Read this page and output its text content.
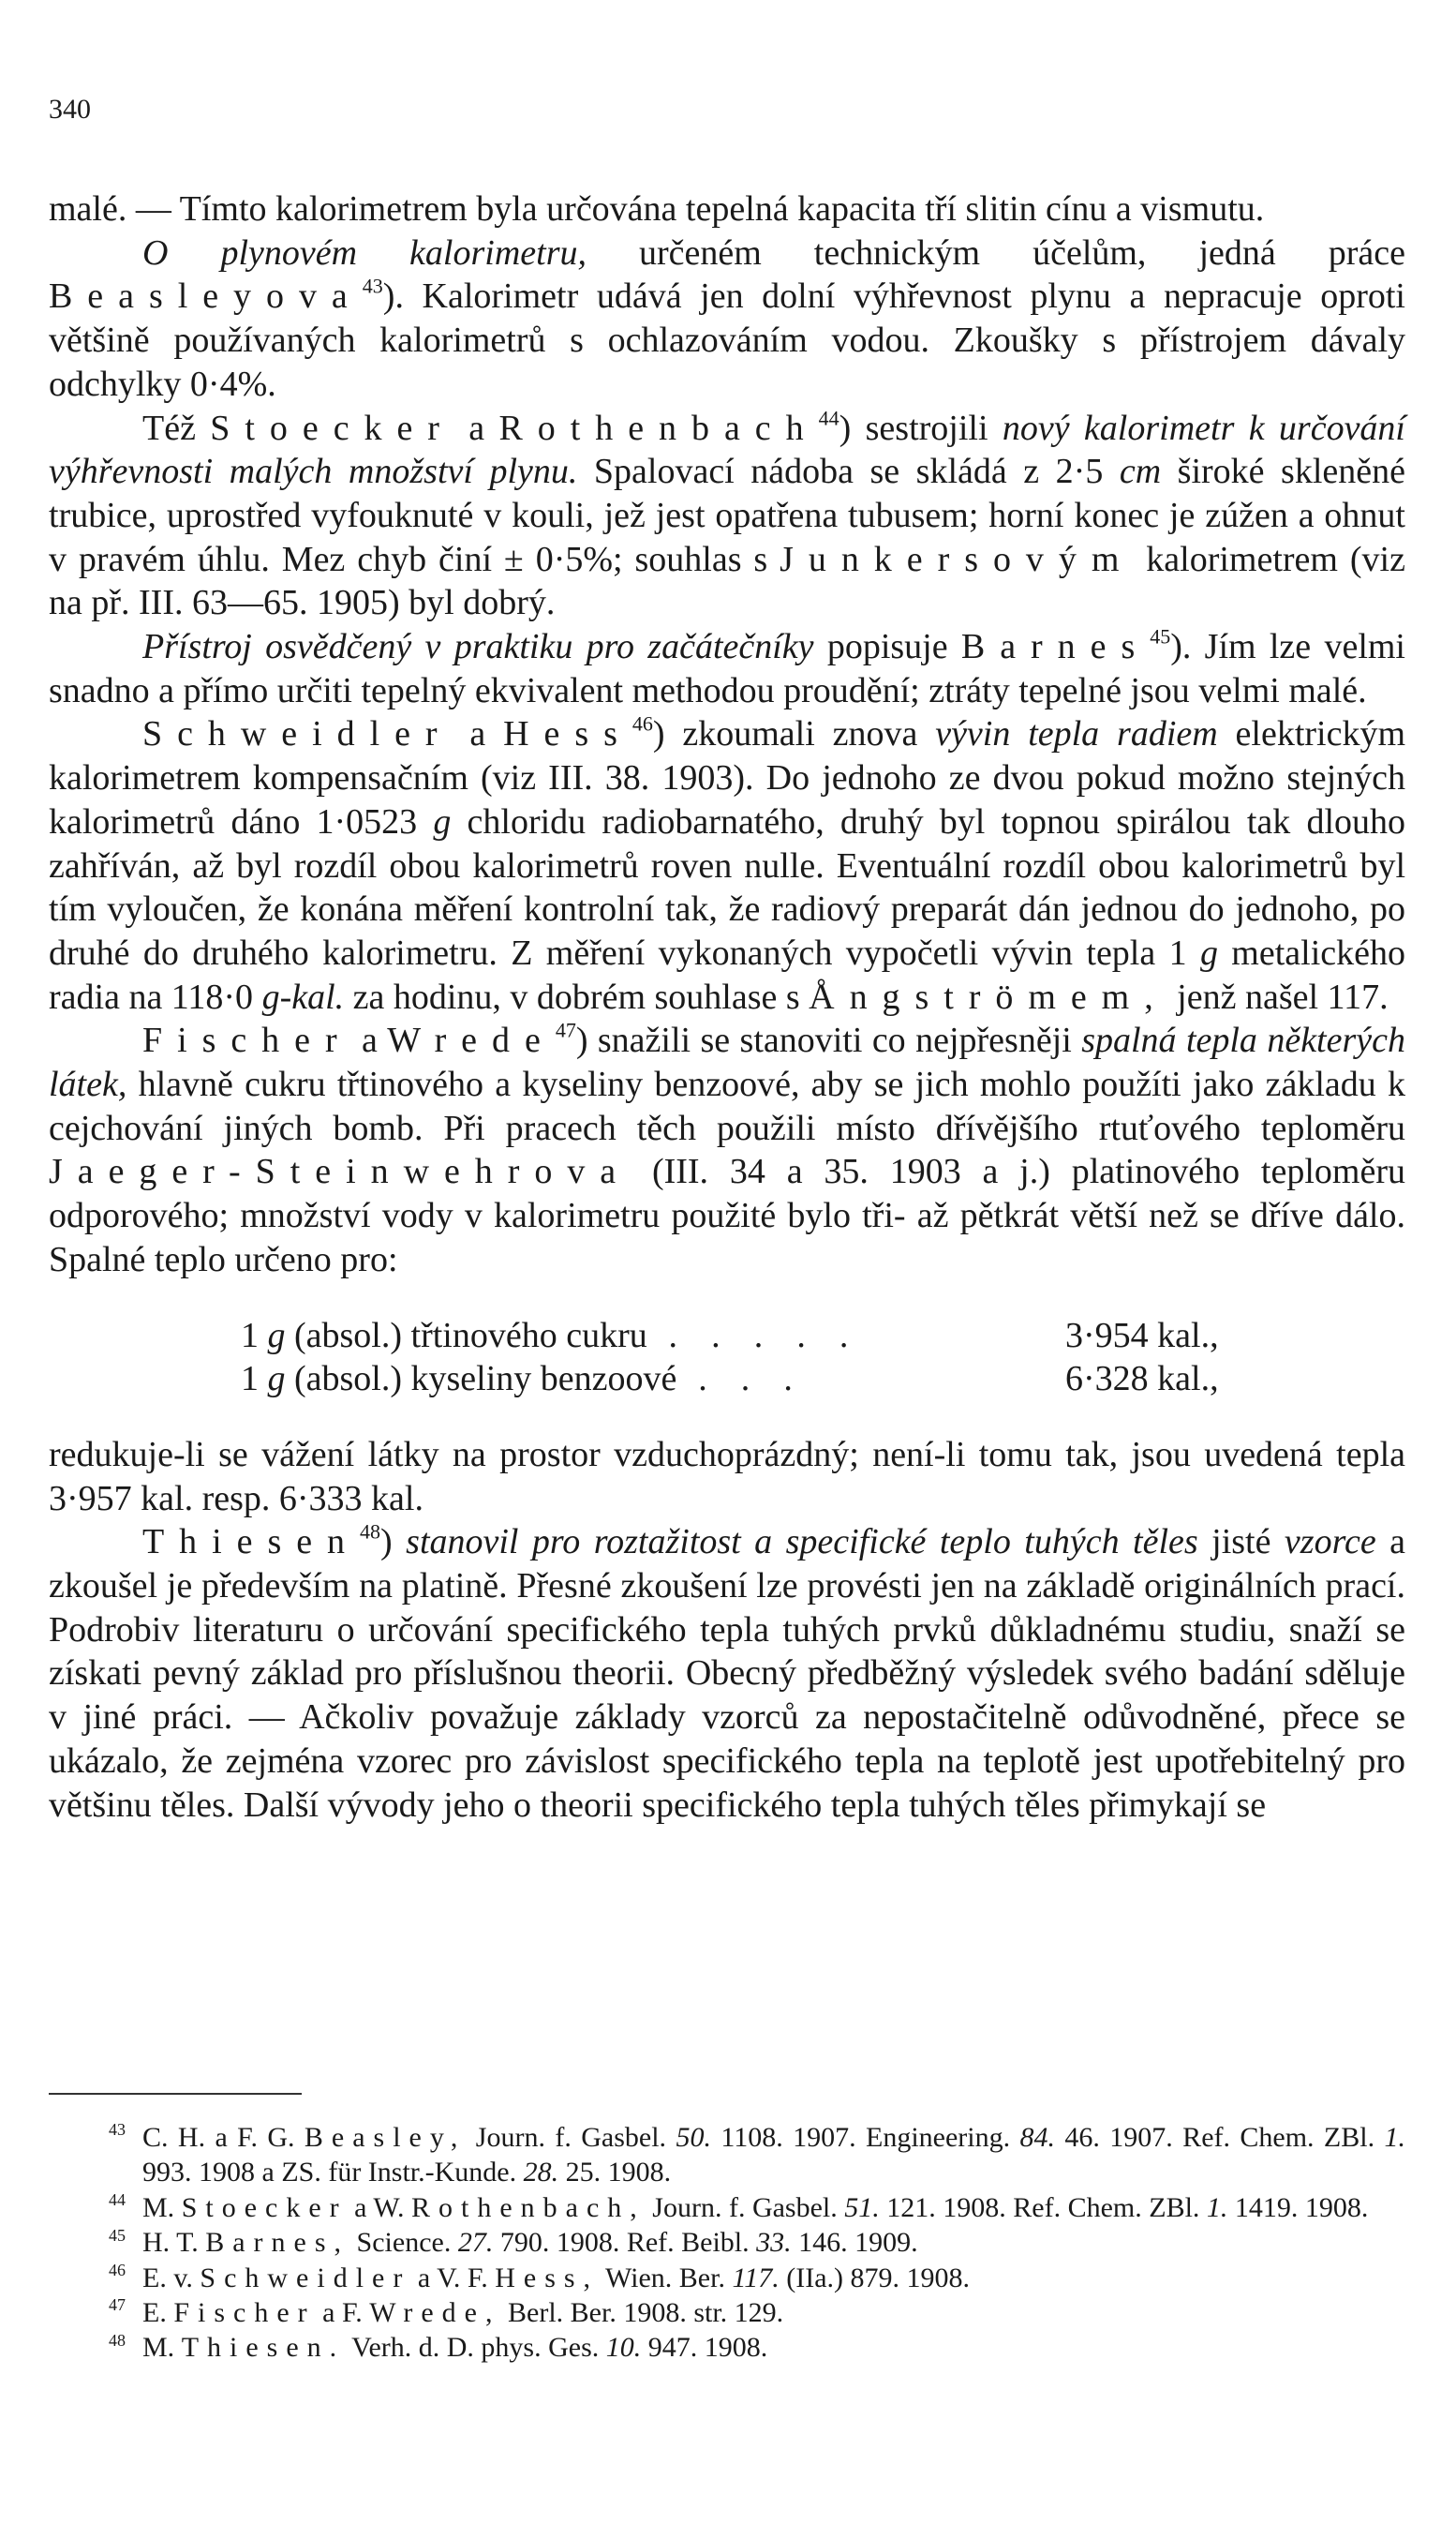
340

malé. — Tímto kalorimetrem byla určována tepelná kapacita tří slitin cínu a vismutu.

O plynovém kalorimetru, určeném technickým účelům, jedná práce Beasleyova$^{43}$). Kalorimetr udává jen dolní výhřevnost plynu a nepracuje oproti většině používaných kalorimetrů s ochlazováním vodou. Zkoušky s přístrojem dávaly odchylky 0·4%.

Též Stoecker a Rothenbach$^{44}$) sestrojili nový kalorimetr k určování výhřevnosti malých množství plynu. Spalovací nádoba se skládá z 2·5 cm široké skleněné trubice, uprostřed vyfouknuté v kouli, jež jest opatřena tubusem; horní konec je zúžen a ohnut v pravém úhlu. Mez chyb činí ± 0·5%; souhlas s Junkersovým kalorimetrem (viz na př. III. 63—65. 1905) byl dobrý.

Přístroj osvědčený v praktiku pro začátečníky popisuje Barnes$^{45}$). Jím lze velmi snadno a přímo určiti tepelný ekvivalent methodou proudění; ztráty tepelné jsou velmi malé.

Schweidler a Hess$^{46}$) zkoumali znova vývin tepla radiem elektrickým kalorimetrem kompensačním (viz III. 38. 1903). Do jednoho ze dvou pokud možno stejných kalorimetrů dáno 1·0523 g chloridu radiobarnatého, druhý byl topnou spirálou tak dlouho zahříván, až byl rozdíl obou kalorimetrů roven nulle. Eventuální rozdíl obou kalorimetrů byl tím vyloučen, že konána měření kontrolní tak, že radiový preparát dán jednou do jednoho, po druhé do druhého kalorimetru. Z měření vykonaných vypočetli vývin tepla 1 g metalického radia na 118·0 g-kal. za hodinu, v dobrém souhlase s Ångströmem, jenž našel 117.

Fischer a Wrede$^{47}$) snažili se stanoviti co nejpřesněji spalná tepla některých látek, hlavně cukru třtinového a kyseliny benzoové, aby se jich mohlo použíti jako základu k cejchování jiných bomb. Při pracech těch použili místo dřívějšího rtuťového teploměru Jaeger-Steinwehrova (III. 34 a 35. 1903 a j.) platinového teploměru odporového; množství vody v kalorimetru použité bylo tři- až pětkrát větší než se dříve dálo. Spalné teplo určeno pro:

1 g (absol.) třtinového cukru . . . . .	3·954 kal.,
1 g (absol.) kyseliny benzoové . . .	6·328 kal.,

redukuje-li se vážení látky na prostor vzduchoprázdný; není-li tomu tak, jsou uvedená tepla 3·957 kal. resp. 6·333 kal.

Thiesen$^{48}$) stanovil pro roztažitost a specifické teplo tuhých těles jisté vzorce a zkoušel je především na platině. Přesné zkoušení lze provésti jen na základě originálních prací. Podrobiv literaturu o určování specifického tepla tuhých prvků důkladnému studiu, snaží se získati pevný základ pro příslušnou theorii. Obecný předběžný výsledek svého badání sděluje v jiné práci. — Ačkoliv považuje základy vzorců za nepostačitelně odůvodněné, přece se ukázalo, že zejména vzorec pro závislost specifického tepla na teplotě jest upotřebitelný pro většinu těles. Další vývody jeho o theorii specifického tepla tuhých těles přimykají se

43 C. H. a F. G. Beasley, Journ. f. Gasbel. 50. 1108. 1907. Engineering. 84. 46. 1907. Ref. Chem. ZBl. 1. 993. 1908 a ZS. für Instr.-Kunde. 28. 25. 1908.

44 M. Stoecker a W. Rothenbach, Journ. f. Gasbel. 51. 121. 1908. Ref. Chem. ZBl. 1. 1419. 1908.

45 H. T. Barnes, Science. 27. 790. 1908. Ref. Beibl. 33. 146. 1909.

46 E. v. Schweidler a V. F. Hess, Wien. Ber. 117. (IIa.) 879. 1908.

47 E. Fischer a F. Wrede, Berl. Ber. 1908. str. 129.

48 M. Thiesen. Verh. d. D. phys. Ges. 10. 947. 1908.
